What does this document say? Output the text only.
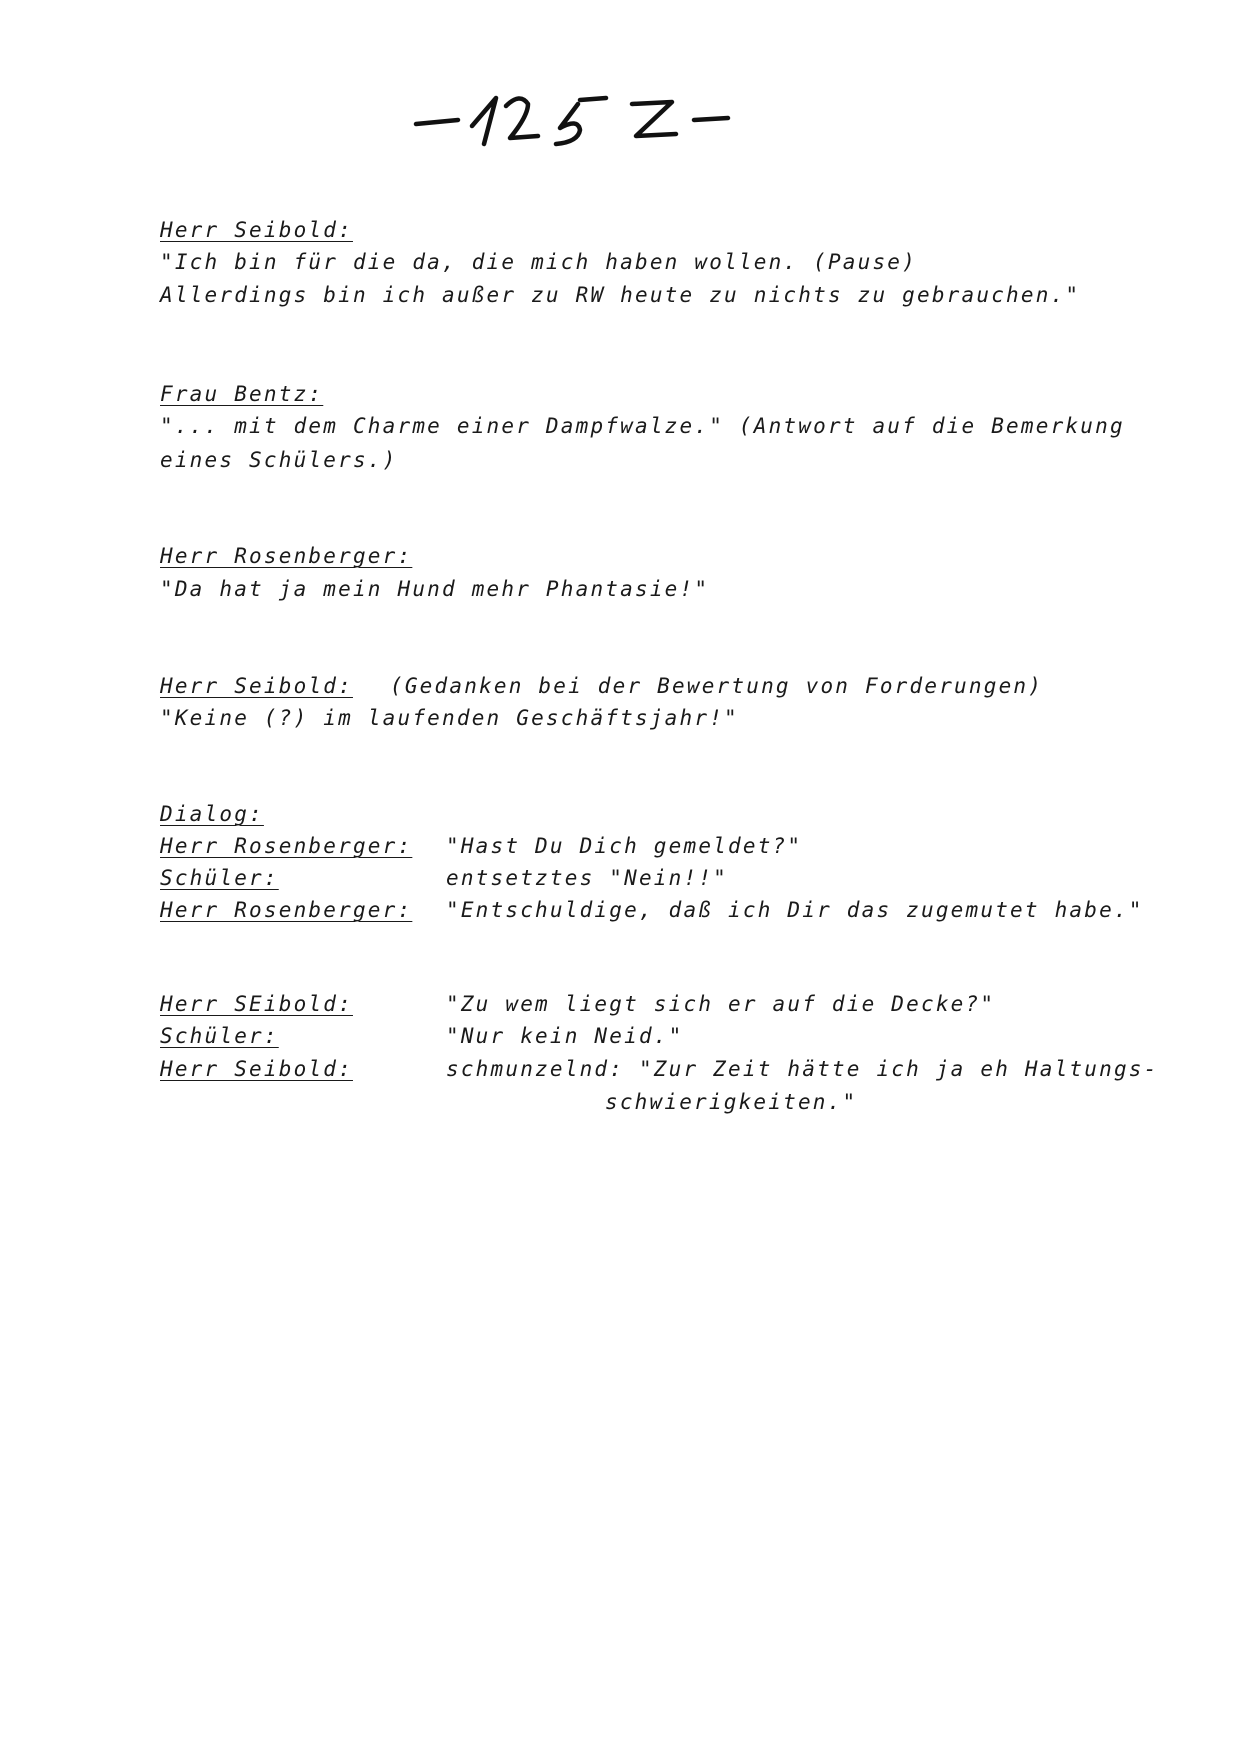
Herr Seibold:
"Ich bin für die da, die mich haben wollen. (Pause)
Allerdings bin ich außer zu RW heute zu nichts zu gebrauchen."
Frau Bentz:
"... mit dem Charme einer Dampfwalze." (Antwort auf die Bemerkung
eines Schülers.)
Herr Rosenberger:
"Da hat ja mein Hund mehr Phantasie!"
Herr Seibold: (Gedanken bei der Bewertung von Forderungen)
"Keine (?) im laufenden Geschäftsjahr!"
Dialog:
Herr Rosenberger: "Hast Du Dich gemeldet?"
Schüler:	entsetztes "Nein!!"
Herr Rosenberger: "Entschuldige, daß ich Dir das zugemutet habe."
Herr SEibold:	"Zu wem liegt sich er auf die Decke?"
Schüler:	"Nur kein Neid."
Herr Seibold:	schmunzelnd: "Zur Zeit hätte ich ja eh Haltungs-
schwierigkeiten."
